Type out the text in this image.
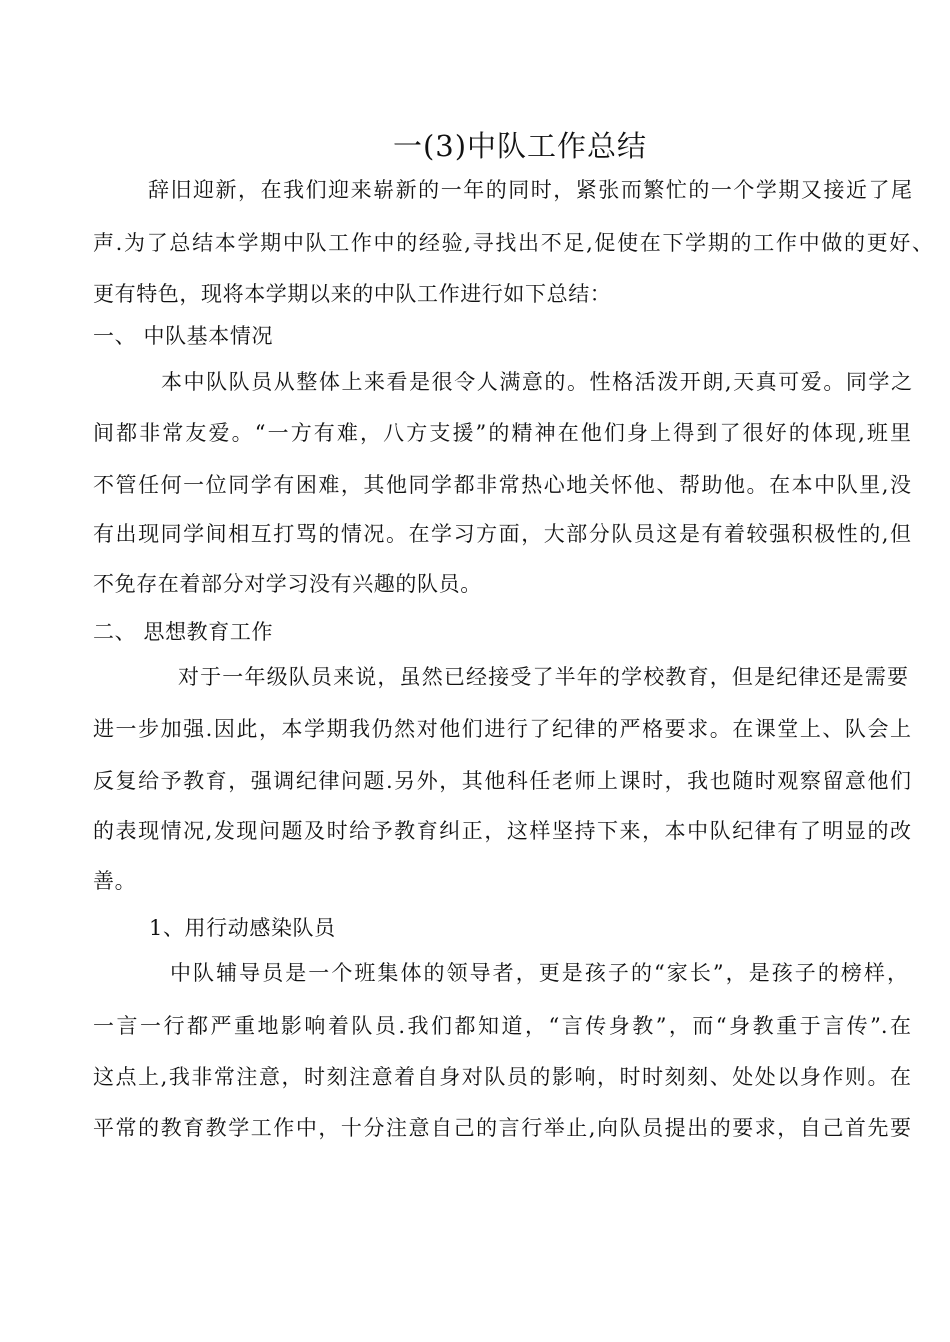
一(3)中队工作总结
辞旧迎新，在我们迎来崭新的一年的同时，紧张而繁忙的一个学期又接近了尾
声.为了总结本学期中队工作中的经验,寻找出不足,促使在下学期的工作中做的更好、
更有特色，现将本学期以来的中队工作进行如下总结：
一、 中队基本情况
本中队队员从整体上来看是很令人满意的。性格活泼开朗,天真可爱。同学之
间都非常友爱。“一方有难，八方支援”的精神在他们身上得到了很好的体现,班里
不管任何一位同学有困难，其他同学都非常热心地关怀他、帮助他。在本中队里,没
有出现同学间相互打骂的情况。在学习方面，大部分队员这是有着较强积极性的,但
不免存在着部分对学习没有兴趣的队员。
二、 思想教育工作
对于一年级队员来说，虽然已经接受了半年的学校教育，但是纪律还是需要
进一步加强.因此，本学期我仍然对他们进行了纪律的严格要求。在课堂上、队会上
反复给予教育，强调纪律问题.另外，其他科任老师上课时，我也随时观察留意他们
的表现情况,发现问题及时给予教育纠正，这样坚持下来，本中队纪律有了明显的改
善。
1、用行动感染队员
中队辅导员是一个班集体的领导者，更是孩子的“家长”，是孩子的榜样，
一言一行都严重地影响着队员.我们都知道，“言传身教”，而“身教重于言传”.在
这点上,我非常注意，时刻注意着自身对队员的影响，时时刻刻、处处以身作则。在
平常的教育教学工作中，十分注意自己的言行举止,向队员提出的要求，自己首先要
